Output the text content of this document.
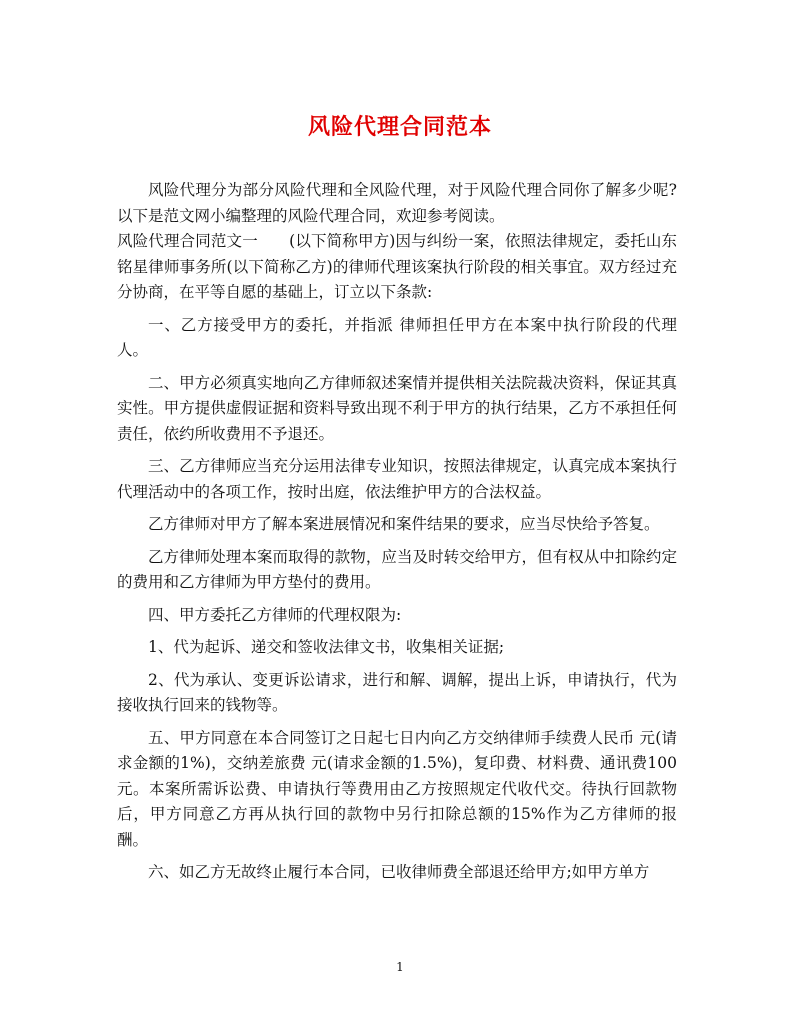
风险代理合同范本

风险代理分为部分风险代理和全风险代理，对于风险代理合同你了解多少呢?以下是范文网小编整理的风险代理合同，欢迎参考阅读。

风险代理合同范文一　　(以下简称甲方)因与纠纷一案，依照法律规定，委托山东铭星律师事务所(以下简称乙方)的律师代理该案执行阶段的相关事宜。双方经过充分协商，在平等自愿的基础上，订立以下条款:

一、乙方接受甲方的委托，并指派 律师担任甲方在本案中执行阶段的代理人。

二、甲方必须真实地向乙方律师叙述案情并提供相关法院裁决资料，保证其真实性。甲方提供虚假证据和资料导致出现不利于甲方的执行结果，乙方不承担任何责任，依约所收费用不予退还。

三、乙方律师应当充分运用法律专业知识，按照法律规定，认真完成本案执行代理活动中的各项工作，按时出庭，依法维护甲方的合法权益。

乙方律师对甲方了解本案进展情况和案件结果的要求，应当尽快给予答复。

乙方律师处理本案而取得的款物，应当及时转交给甲方，但有权从中扣除约定的费用和乙方律师为甲方垫付的费用。

四、甲方委托乙方律师的代理权限为:

1、代为起诉、递交和签收法律文书，收集相关证据;

2、代为承认、变更诉讼请求，进行和解、调解，提出上诉，申请执行，代为接收执行回来的钱物等。

五、甲方同意在本合同签订之日起七日内向乙方交纳律师手续费人民币 元(请求金额的1%)，交纳差旅费 元(请求金额的1.5%)，复印费、材料费、通讯费100元。本案所需诉讼费、申请执行等费用由乙方按照规定代收代交。待执行回款物后，甲方同意乙方再从执行回的款物中另行扣除总额的15%作为乙方律师的报酬。

六、如乙方无故终止履行本合同，已收律师费全部退还给甲方;如甲方单方

1
